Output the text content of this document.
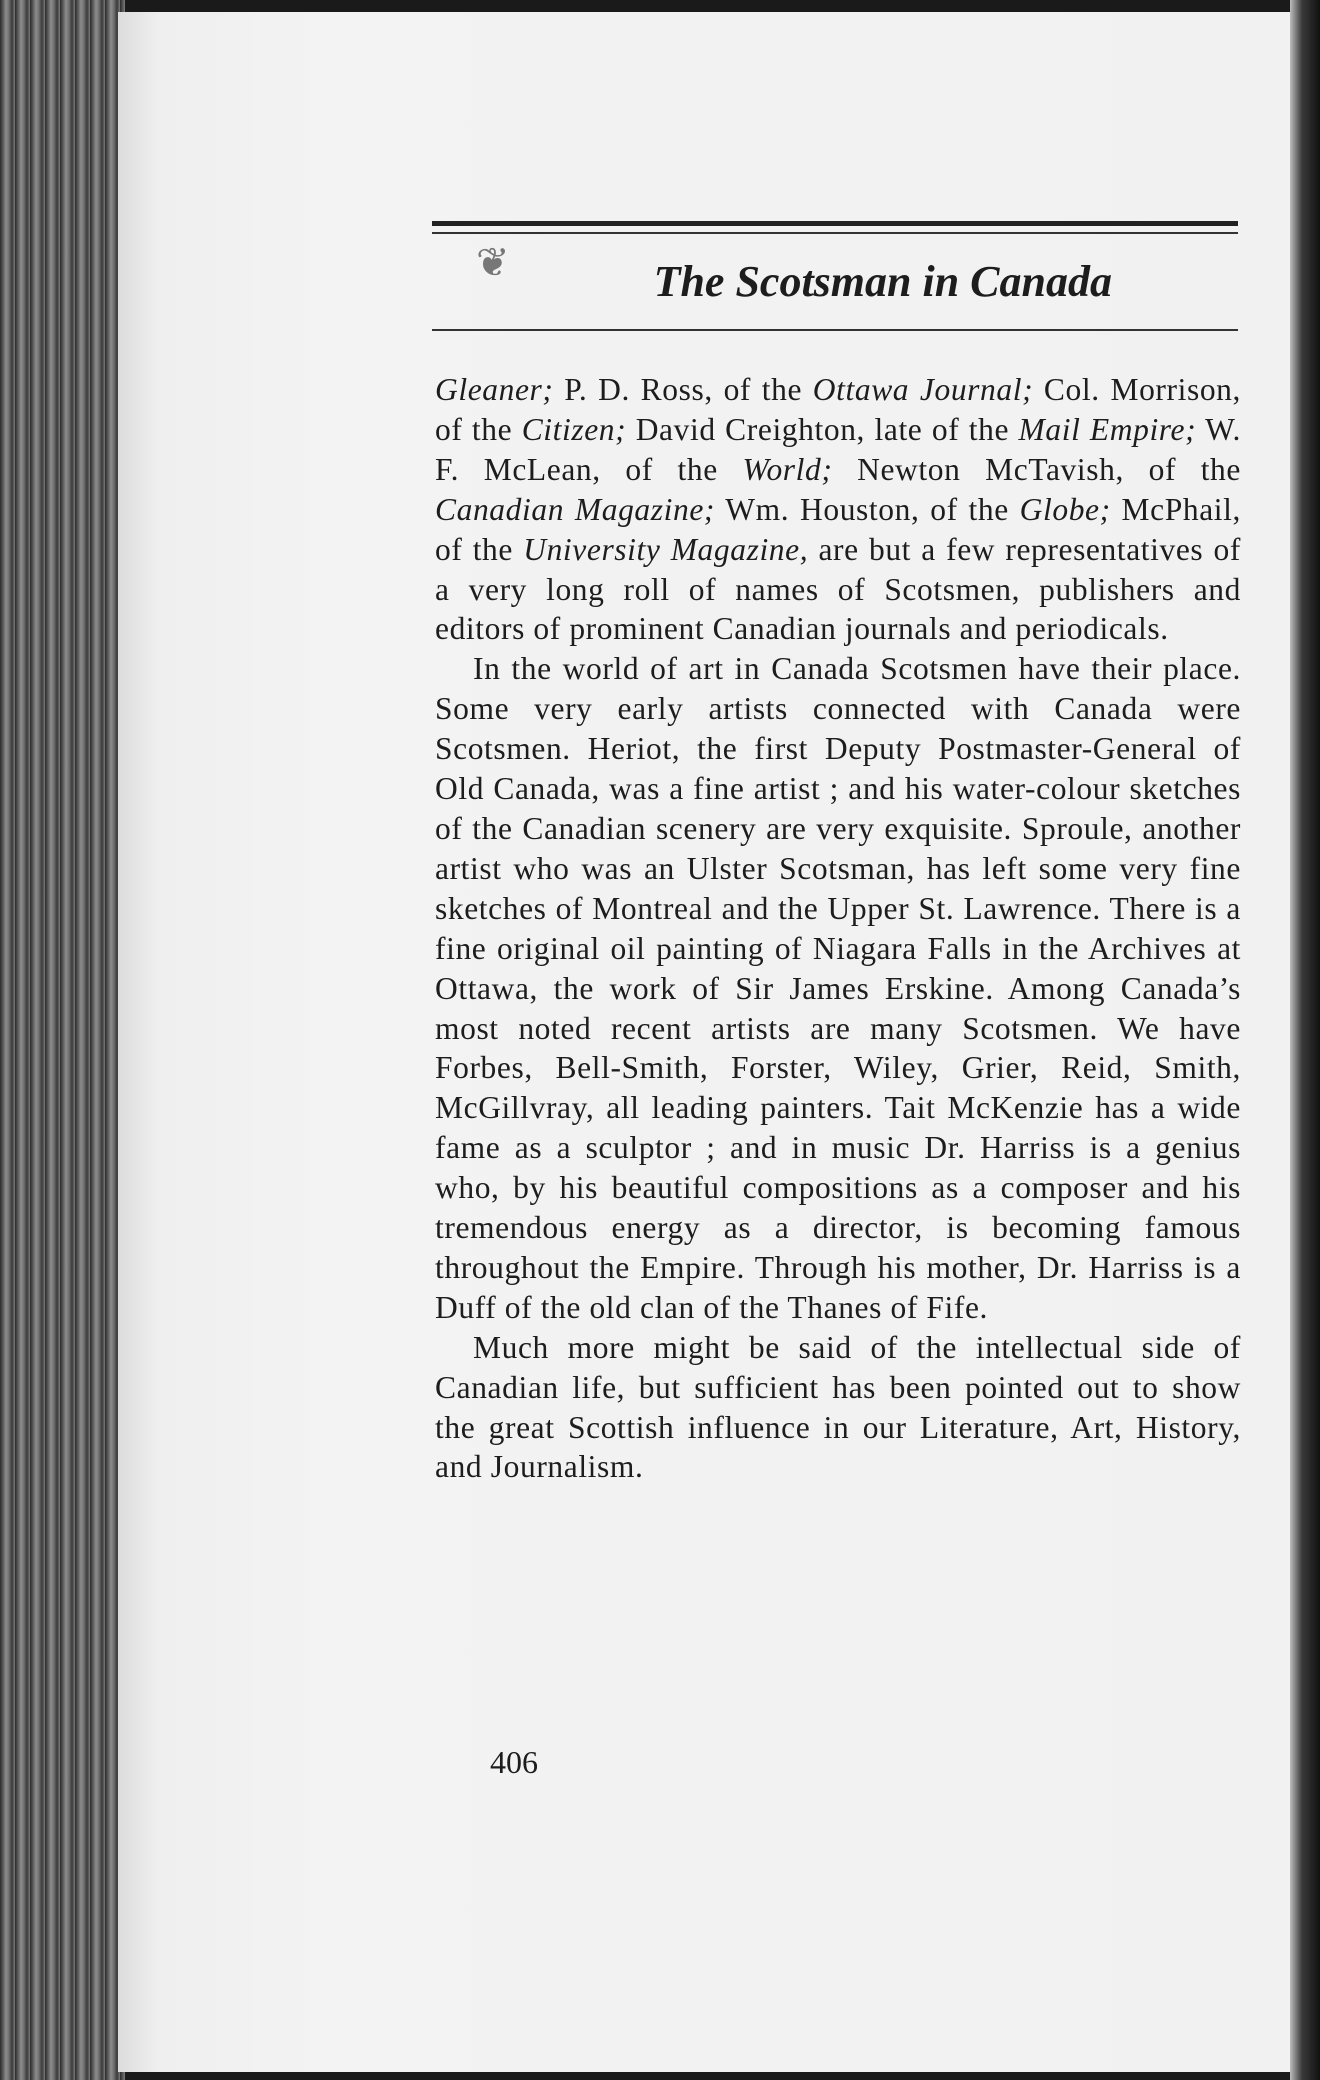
❦	The Scotsman in Canada

Gleaner; P. D. Ross, of the Ottawa Journal; Col. Morrison, of the Citizen; David Creighton, late of the Mail Empire; W. F. McLean, of the World; Newton McTavish, of the Canadian Magazine; Wm. Houston, of the Globe; McPhail, of the University Magazine, are but a few representatives of a very long roll of names of Scotsmen, publishers and editors of prominent Canadian journals and periodicals.

In the world of art in Canada Scotsmen have their place. Some very early artists connected with Canada were Scotsmen. Heriot, the first Deputy Postmaster-General of Old Canada, was a fine artist ; and his water-colour sketches of the Canadian scenery are very exquisite. Sproule, another artist who was an Ulster Scotsman, has left some very fine sketches of Montreal and the Upper St. Lawrence. There is a fine original oil painting of Niagara Falls in the Archives at Ottawa, the work of Sir James Erskine. Among Canada’s most noted recent artists are many Scotsmen. We have Forbes, Bell-Smith, Forster, Wiley, Grier, Reid, Smith, McGillvray, all leading painters. Tait McKenzie has a wide fame as a sculptor ; and in music Dr. Harriss is a genius who, by his beautiful compositions as a composer and his tremendous energy as a director, is becoming famous throughout the Empire. Through his mother, Dr. Harriss is a Duff of the old clan of the Thanes of Fife.

Much more might be said of the intellectual side of Canadian life, but sufficient has been pointed out to show the great Scottish influence in our Literature, Art, History, and Journalism.

406
